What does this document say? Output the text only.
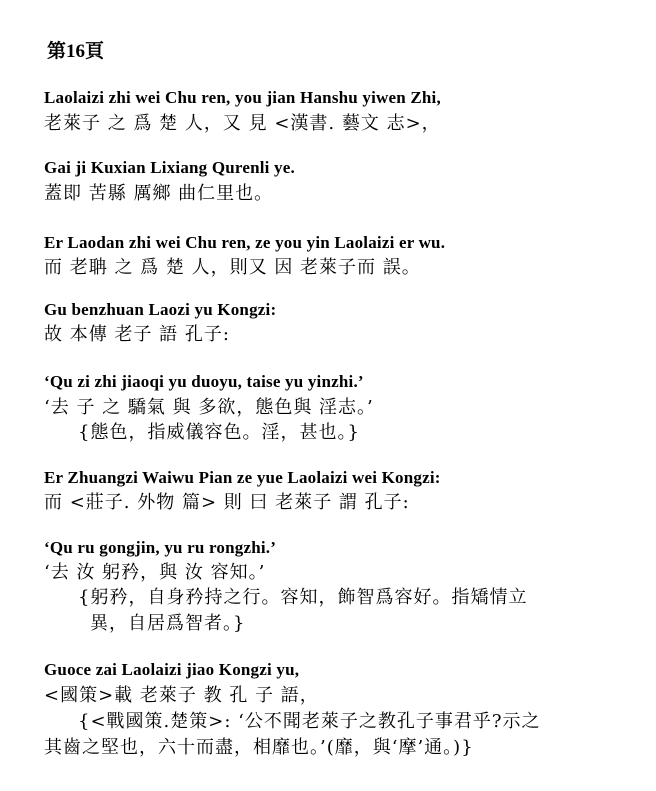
第16頁
Laolaizi zhi wei Chu ren, you jian Hanshu yiwen Zhi,
老萊子 之 爲 楚 人，又 見 <漢書. 藝文 志>，
Gai ji Kuxian Lixiang Qurenli ye.
蓋即 苦縣 厲鄉 曲仁里也。
Er Laodan zhi wei Chu ren, ze you yin Laolaizi er wu.
而 老聃 之 爲 楚 人，則又 因 老萊子而 誤。
Gu benzhuan Laozi yu Kongzi:
故 本傳 老子 語 孔子:
‘Qu zi zhi jiaoqi yu duoyu, taise yu yinzhi.’
‘去 子 之 驕氣 與 多欲，態色與 淫志。’
{態色，指威儀容色。淫，甚也。}
Er Zhuangzi Waiwu Pian ze yue Laolaizi wei Kongzi:
而 <莊子. 外物 篇> 則 曰 老萊子 謂 孔子:
‘Qu ru gongjin, yu ru rongzhi.’
‘去 汝 躬矜，與 汝 容知。’
{躬矜，自身矜持之行。容知，飾智爲容好。指矯情立
異，自居爲智者。}
Guoce zai Laolaizi jiao Kongzi yu,
<國策>載 老萊子 教 孔 子 語，
{<戰國策.楚策>: ‘公不聞老萊子之教孔子事君乎?示之
其齒之堅也，六十而盡，相靡也。’(靡，與‘摩’通。)}
